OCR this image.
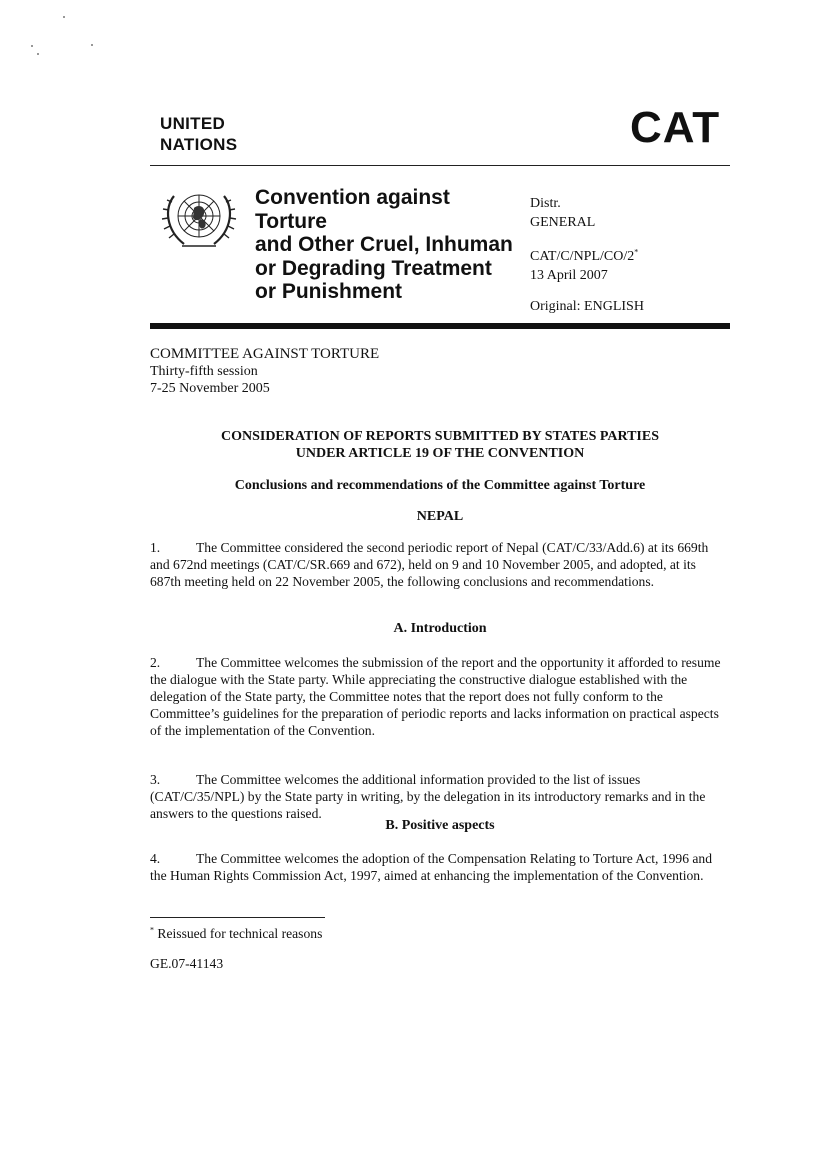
UNITED
NATIONS	CAT
Convention against Torture
and Other Cruel, Inhuman
or Degrading Treatment
or Punishment
Distr.
GENERAL
CAT/C/NPL/CO/2*
13 April 2007
Original: ENGLISH
COMMITTEE AGAINST TORTURE
Thirty-fifth session
7-25 November 2005
CONSIDERATION OF REPORTS SUBMITTED BY STATES PARTIES
UNDER ARTICLE 19 OF THE CONVENTION
Conclusions and recommendations of the Committee against Torture
NEPAL
1.	The Committee considered the second periodic report of Nepal (CAT/C/33/Add.6) at its 669th and 672nd meetings (CAT/C/SR.669 and 672), held on 9 and 10 November 2005, and adopted, at its 687th meeting held on 22 November 2005, the following conclusions and recommendations.
A. Introduction
2.	The Committee welcomes the submission of the report and the opportunity it afforded to resume the dialogue with the State party. While appreciating the constructive dialogue established with the delegation of the State party, the Committee notes that the report does not fully conform to the Committee’s guidelines for the preparation of periodic reports and lacks information on practical aspects of the implementation of the Convention.
3.	The Committee welcomes the additional information provided to the list of issues (CAT/C/35/NPL) by the State party in writing, by the delegation in its introductory remarks and in the answers to the questions raised.
B. Positive aspects
4.	The Committee welcomes the adoption of the Compensation Relating to Torture Act, 1996 and the Human Rights Commission Act, 1997, aimed at enhancing the implementation of the Convention.
* Reissued for technical reasons
GE.07-41143
